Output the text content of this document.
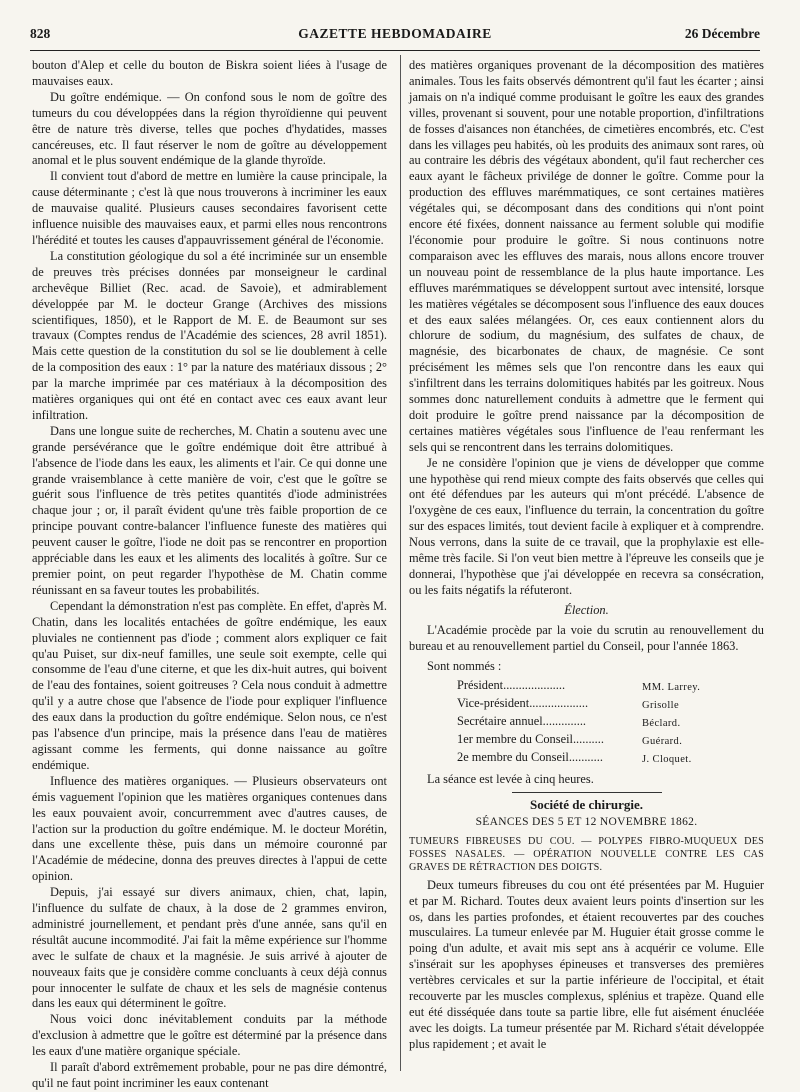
828	GAZETTE HEBDOMADAIRE	26 Décembre

bouton d'Alep et celle du bouton de Biskra soient liées à l'usage de mauvaises eaux.

Du goître endémique. — On confond sous le nom de goître des tumeurs du cou développées dans la région thyroïdienne qui peuvent être de nature très diverse, telles que poches d'hydatides, masses cancéreuses, etc. Il faut réserver le nom de goître au développement anomal et le plus souvent endémique de la glande thyroïde.

Il convient tout d'abord de mettre en lumière la cause principale, la cause déterminante ; c'est là que nous trouverons à incriminer les eaux de mauvaise qualité. Plusieurs causes secondaires favorisent cette influence nuisible des mauvaises eaux, et parmi elles nous rencontrons l'hérédité et toutes les causes d'appauvrissement général de l'économie.

La constitution géologique du sol a été incriminée sur un ensemble de preuves très précises données par monseigneur le cardinal archevêque Billiet (Rec. acad. de Savoie), et admirablement développée par M. le docteur Grange (Archives des missions scientifiques, 1850), et le Rapport de M. E. de Beaumont sur ses travaux (Comptes rendus de l'Académie des sciences, 28 avril 1851). Mais cette question de la constitution du sol se lie doublement à celle de la composition des eaux : 1° par la nature des matériaux dissous ; 2° par la marche imprimée par ces matériaux à la décomposition des matières organiques qui ont été en contact avec ces eaux avant leur infiltration.

Dans une longue suite de recherches, M. Chatin a soutenu avec une grande persévérance que le goître endémique doit être attribué à l'absence de l'iode dans les eaux, les aliments et l'air. Ce qui donne une grande vraisemblance à cette manière de voir, c'est que le goître se guérit sous l'influence de très petites quantités d'iode administrées chaque jour ; or, il paraît évident qu'une très faible proportion de ce principe pouvant contre-balancer l'influence funeste des matières qui peuvent causer le goître, l'iode ne doit pas se rencontrer en proportion appréciable dans les eaux et les aliments des localités à goître. Sur ce premier point, on peut regarder l'hypothèse de M. Chatin comme réunissant en sa faveur toutes les probabilités.

Cependant la démonstration n'est pas complète. En effet, d'après M. Chatin, dans les localités entachées de goître endémique, les eaux pluviales ne contiennent pas d'iode ; comment alors expliquer ce fait qu'au Puiset, sur dix-neuf familles, une seule soit exempte, celle qui consomme de l'eau d'une citerne, et que les dix-huit autres, qui boivent de l'eau des fontaines, soient goitreuses ? Cela nous conduit à admettre qu'il y a autre chose que l'absence de l'iode pour expliquer l'influence des eaux dans la production du goître endémique. Selon nous, ce n'est pas l'absence d'un principe, mais la présence dans l'eau de matières agissant comme les ferments, qui donne naissance au goître endémique.

Influence des matières organiques. — Plusieurs observateurs ont émis vaguement l'opinion que les matières organiques contenues dans les eaux pouvaient avoir, concurremment avec d'autres causes, de l'action sur la production du goître endémique. M. le docteur Morétin, dans une excellente thèse, puis dans un mémoire couronné par l'Académie de médecine, donna des preuves directes à l'appui de cette opinion.

Depuis, j'ai essayé sur divers animaux, chien, chat, lapin, l'influence du sulfate de chaux, à la dose de 2 grammes environ, administré journellement, et pendant près d'une année, sans qu'il en résultât aucune incommodité. J'ai fait la même expérience sur l'homme avec le sulfate de chaux et la magnésie. Je suis arrivé à ajouter de nouveaux faits que je considère comme concluants à ceux déjà connus pour innocenter le sulfate de chaux et les sels de magnésie contenus dans les eaux qui déterminent le goître.

Nous voici donc inévitablement conduits par la méthode d'exclusion à admettre que le goître est déterminé par la présence dans les eaux d'une matière organique spéciale.

Il paraît d'abord extrêmement probable, pour ne pas dire démontré, qu'il ne faut point incriminer les eaux contenant

des matières organiques provenant de la décomposition des matières animales. Tous les faits observés démontrent qu'il faut les écarter ; ainsi jamais on n'a indiqué comme produisant le goître les eaux des grandes villes, provenant si souvent, pour une notable proportion, d'infiltrations de fosses d'aisances non étanchées, de cimetières encombrés, etc. C'est dans les villages peu habités, où les produits des animaux sont rares, où au contraire les débris des végétaux abondent, qu'il faut rechercher ces eaux ayant le fâcheux privilége de donner le goître. Comme pour la production des effluves marémmatiques, ce sont certaines matières végétales qui, se décomposant dans des conditions qui n'ont point encore été fixées, donnent naissance au ferment soluble qui modifie l'économie pour produire le goître. Si nous continuons notre comparaison avec les effluves des marais, nous allons encore trouver un nouveau point de ressemblance de la plus haute importance. Les effluves marémmatiques se développent surtout avec intensité, lorsque les matières végétales se décomposent sous l'influence des eaux douces et des eaux salées mélangées. Or, ces eaux contiennent alors du chlorure de sodium, du magnésium, des sulfates de chaux, de magnésie, des bicarbonates de chaux, de magnésie. Ce sont précisément les mêmes sels que l'on rencontre dans les eaux qui s'infiltrent dans les terrains dolomitiques habités par les goitreux. Nous sommes donc naturellement conduits à admettre que le ferment qui doit produire le goître prend naissance par la décomposition de certaines matières végétales sous l'influence de l'eau renfermant les sels qui se rencontrent dans les terrains dolomitiques.

Je ne considère l'opinion que je viens de développer que comme une hypothèse qui rend mieux compte des faits observés que celles qui ont été défendues par les auteurs qui m'ont précédé. L'absence de l'oxygène de ces eaux, l'influence du terrain, la concentration du goître sur des espaces limités, tout devient facile à expliquer et à comprendre. Nous verrons, dans la suite de ce travail, que la prophylaxie est elle-même très facile. Si l'on veut bien mettre à l'épreuve les conseils que je donnerai, l'hypothèse que j'ai développée en recevra sa consécration, ou les faits négatifs la réfuteront.

Élection.

L'Académie procède par la voie du scrutin au renouvellement du bureau et au renouvellement partiel du Conseil, pour l'année 1863.

Sont nommés :

Président....................	MM. Larrey.
Vice-président...................	Grisolle
Secrétaire annuel..............	Béclard.
1er membre du Conseil..........	Guérard.
2e membre du Conseil...........	J. Cloquet.

La séance est levée à cinq heures.

Société de chirurgie.

SÉANCES DES 5 ET 12 NOVEMBRE 1862.

TUMEURS FIBREUSES DU COU. — POLYPES FIBRO-MUQUEUX DES FOSSES NASALES. — OPÉRATION NOUVELLE CONTRE LES CAS GRAVES DE RÉTRACTION DES DOIGTS.

Deux tumeurs fibreuses du cou ont été présentées par M. Huguier et par M. Richard. Toutes deux avaient leurs points d'insertion sur les os, dans les parties profondes, et étaient recouvertes par des couches musculaires. La tumeur enlevée par M. Huguier était grosse comme le poing d'un adulte, et avait mis sept ans à acquérir ce volume. Elle s'insérait sur les apophyses épineuses et transverses des premières vertèbres cervicales et sur la partie inférieure de l'occipital, et était recouverte par les muscles complexus, splénius et trapèze. Quand elle eut été disséquée dans toute sa partie libre, elle fut aisément énucléée avec les doigts. La tumeur présentée par M. Richard s'était développée plus rapidement ; et avait le
